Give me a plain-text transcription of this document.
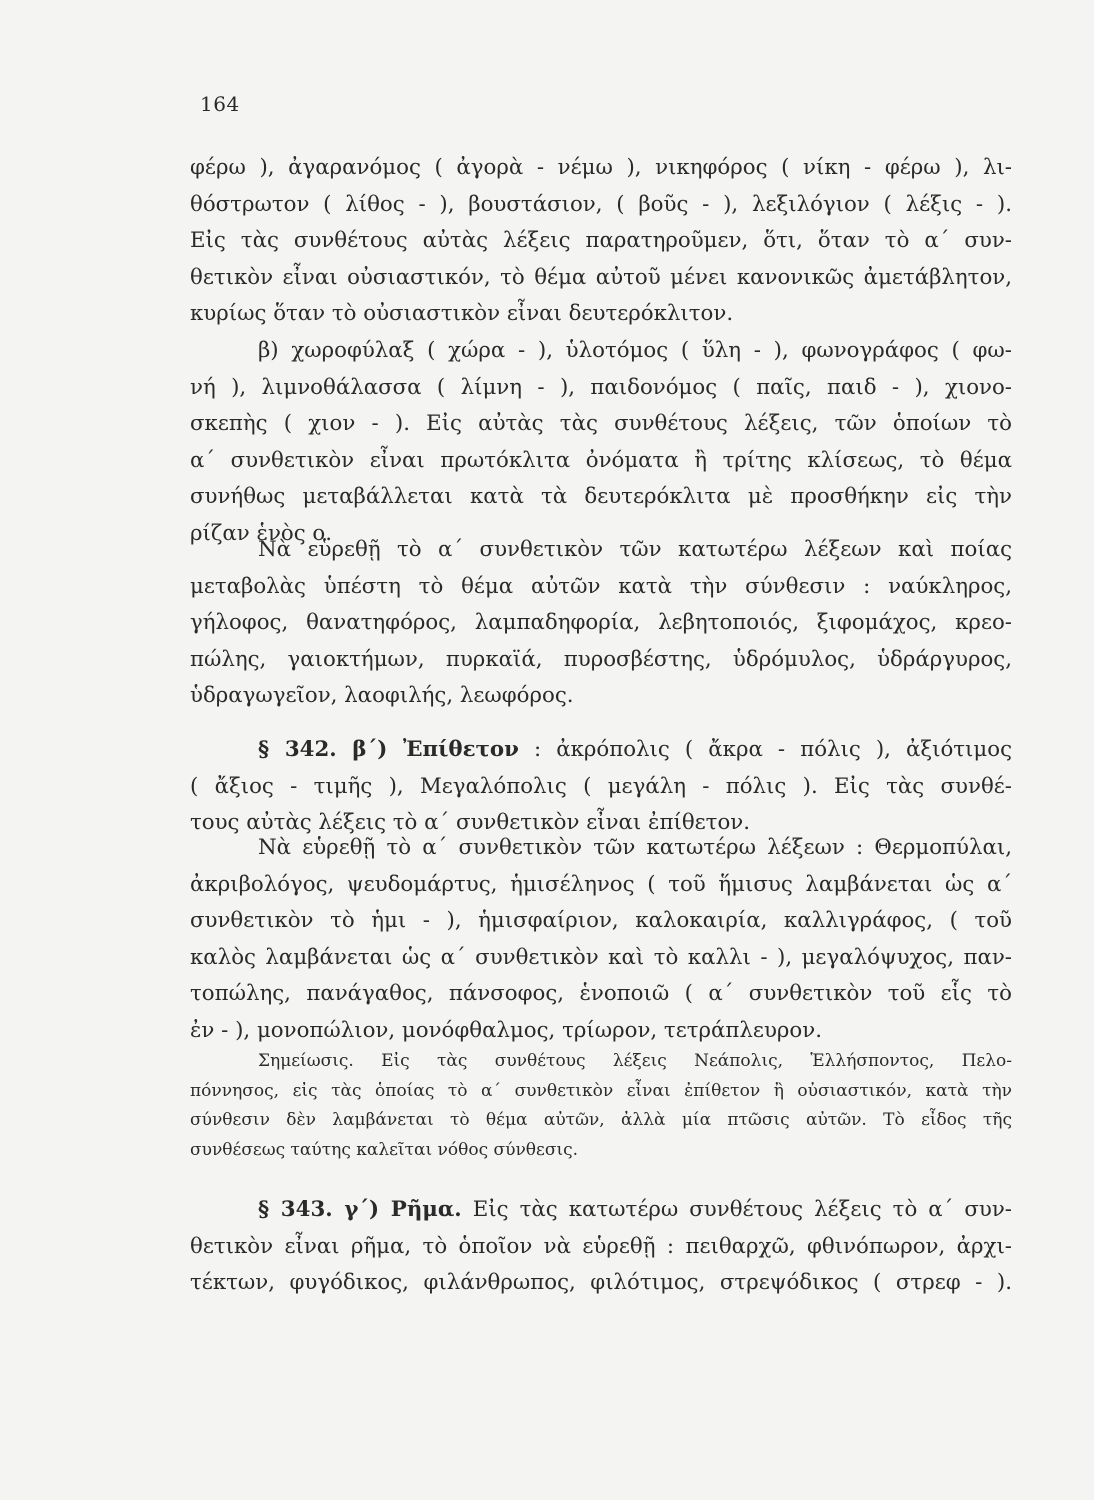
164
φέρω ), ἀγαρανόμος ( ἀγορὰ - νέμω ), νικηφόρος ( νίκη - φέρω ), λι-
θόστρωτον ( λίθος - ), βουστάσιον, ( βοῦς - ), λεξιλόγιον ( λέξις - ).
Εἰς τὰς συνθέτους αὐτὰς λέξεις παρατηροῦμεν, ὅτι, ὅταν τὸ α΄ συν-
θετικὸν εἶναι οὐσιαστικόν, τὸ θέμα αὐτοῦ μένει κανονικῶς ἀμετάβλητον,
κυρίως ὅταν τὸ οὐσιαστικὸν εἶναι δευτερόκλιτον.
β) χωροφύλαξ ( χώρα - ), ὑλοτόμος ( ὕλη - ), φωνογράφος ( φω-
νή ), λιμνοθάλασσα ( λίμνη - ), παιδονόμος ( παῖς, παιδ - ), χιονο-
σκεπὴς ( χιον - ). Εἰς αὐτὰς τὰς συνθέτους λέξεις, τῶν ὁποίων τὸ
α΄ συνθετικὸν εἶναι πρωτόκλιτα ὀνόματα ἢ τρίτης κλίσεως, τὸ θέμα
συνήθως μεταβάλλεται κατὰ τὰ δευτερόκλιτα μὲ προσθήκην εἰς τὴν
ρίζαν ἑνὸς ο.
Νὰ εὑρεθῇ τὸ α΄ συνθετικὸν τῶν κατωτέρω λέξεων καὶ ποίας
μεταβολὰς ὑπέστη τὸ θέμα αὐτῶν κατὰ τὴν σύνθεσιν : ναύκληρος,
γήλοφος, θανατηφόρος, λαμπαδηφορία, λεβητοποιός, ξιφομάχος, κρεο-
πώλης, γαιοκτήμων, πυρκαϊά, πυροσβέστης, ὑδρόμυλος, ὑδράργυρος,
ὑδραγωγεῖον, λαοφιλής, λεωφόρος.
§ 342. β΄) Ἐπίθετον : ἀκρόπολις ( ἄκρα - πόλις ), ἀξιότιμος
( ἄξιος - τιμῆς ), Μεγαλόπολις ( μεγάλη - πόλις ). Εἰς τὰς συνθέ-
τους αὐτὰς λέξεις τὸ α΄ συνθετικὸν εἶναι ἐπίθετον.
Νὰ εὑρεθῇ τὸ α΄ συνθετικὸν τῶν κατωτέρω λέξεων : Θερμοπύλαι,
ἀκριβολόγος, ψευδομάρτυς, ἡμισέληνος ( τοῦ ἥμισυς λαμβάνεται ὡς α΄
συνθετικὸν τὸ ἡμι - ), ἡμισφαίριον, καλοκαιρία, καλλιγράφος, ( τοῦ
καλὸς λαμβάνεται ὡς α΄ συνθετικὸν καὶ τὸ καλλι - ), μεγαλόψυχος, παν-
τοπώλης, πανάγαθος, πάνσοφος, ἑνοποιῶ ( α΄ συνθετικὸν τοῦ εἷς τὸ
ἐν - ), μονοπώλιον, μονόφθαλμος, τρίωρον, τετράπλευρον.
Σημείωσις. Εἰς τὰς συνθέτους λέξεις Νεάπολις, Ἑλλήσποντος, Πελο-
πόννησος, εἰς τὰς ὁποίας τὸ α΄ συνθετικὸν εἶναι ἐπίθετον ἢ οὐσιαστικόν, κατὰ τὴν
σύνθεσιν δὲν λαμβάνεται τὸ θέμα αὐτῶν, ἀλλὰ μία πτῶσις αὐτῶν. Τὸ εἶδος τῆς
συνθέσεως ταύτης καλεῖται νόθος σύνθεσις.
§ 343. γ΄) Ρῆμα. Εἰς τὰς κατωτέρω συνθέτους λέξεις τὸ α΄ συν-
θετικὸν εἶναι ρῆμα, τὸ ὁποῖον νὰ εὑρεθῇ : πειθαρχῶ, φθινόπωρον, ἀρχι-
τέκτων, φυγόδικος, φιλάνθρωπος, φιλότιμος, στρεψόδικος ( στρεφ - ).
